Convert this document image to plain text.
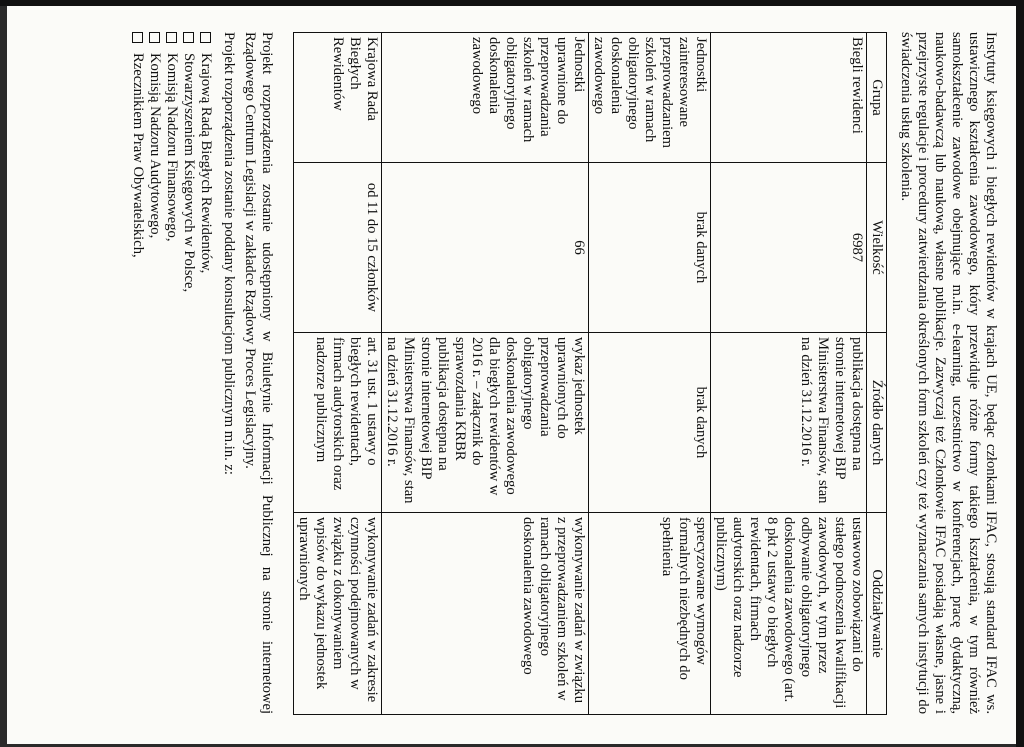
Instytuty księgowych i biegłych rewidentów w krajach UE, będąc członkami IFAC, stosują standard IFAC ws. ustawicznego kształcenia zawodowego, który przewiduje różne formy takiego kształcenia, w tym również samokształcenie zawodowe obejmujące m.in. e-learning, uczestnictwo w konferencjach, pracę dydaktyczną, naukowo-badawczą lub naukową, własne publikacje. Zazwyczaj też Członkowie IFAC posiadają własne, jasne i przejrzyste regulacje i procedury zatwierdzania określonych form szkoleń czy też wyznaczania samych instytucji do świadczenia usług szkolenia.

Grupa	Wielkość	Źródło danych	Oddziaływanie
Biegli rewidenci	6987	publikacja dostępna na stronie internetowej BIP Ministerstwa Finansów, stan na dzień 31.12.2016 r.	ustawowo zobowiązani do stałego podnoszenia kwalifikacji zawodowych, w tym przez odbywanie obligatoryjnego doskonalenia zawodowego (art. 8 pkt 2 ustawy o biegłych rewidentach, firmach audytorskich oraz nadzorze publicznym)
Jednostki zainteresowane przeprowadzaniem szkoleń w ramach obligatoryjnego doskonalenia zawodowego	brak danych	brak danych	sprecyzowane wymogów formalnych niezbędnych do spełnienia
Jednostki uprawnione do przeprowadzania szkoleń w ramach obligatoryjnego doskonalenia zawodowego	66	wykaz jednostek uprawnionych do przeprowadzania obligatoryjnego doskonalenia zawodowego dla biegłych rewidentów w 2016 r. – załącznik do sprawozdania KRBR publikacja dostępna na stronie internetowej BIP Ministerstwa Finansów, stan na dzień 31.12.2016 r.	wykonywanie zadań w związku z przeprowadzaniem szkoleń w ramach obligatoryjnego doskonalenia zawodowego
Krajowa Rada Biegłych Rewidentów	od 11 do 15 członków	art. 31 ust. 1 ustawy o biegłych rewidentach, firmach audytorskich oraz nadzorze publicznym	wykonywanie zadań w zakresie czynności podejmowanych w związku z dokonywaniem wpisów do wykazu jednostek uprawnionych

Projekt rozporządzenia zostanie udostępniony w Biuletynie Informacji Publicznej na stronie internetowej Rządowego Centrum Legislacji w zakładce Rządowy Proces Legislacyjny.

Projekt rozporządzenia zostanie poddany konsultacjom publicznym m.in. z:

Krajową Radą Biegłych Rewidentów,
Stowarzyszeniem Księgowych w Polsce,
Komisją Nadzoru Finansowego,
Komisją Nadzoru Audytowego,
Rzecznikiem Praw Obywatelskich,
